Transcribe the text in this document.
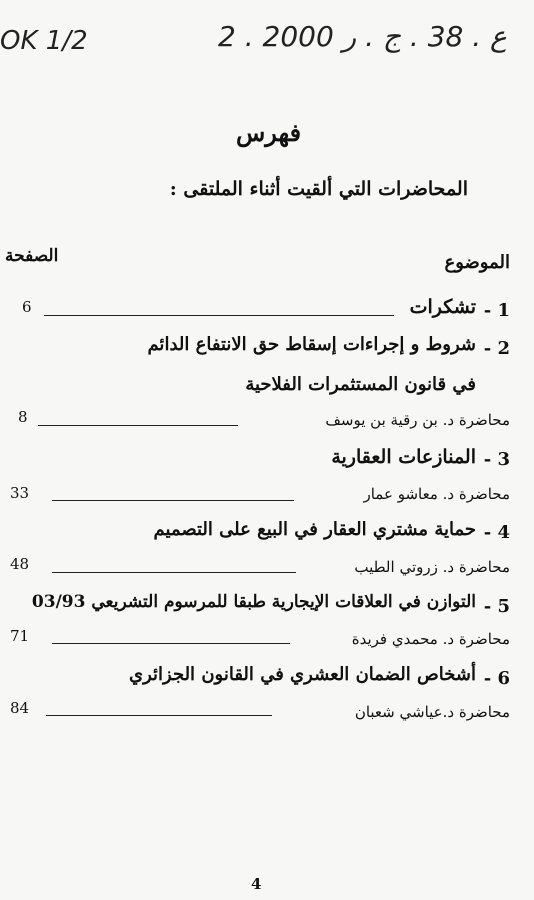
OK 1/2	2 . ع . 38 . ج . ر 2000
فهرس
المحاضرات التي ألقيت أثناء الملتقى :
الموضوع
الصفحة
1 -
تشكرات
6
2 -
شروط و إجراءات إسقاط حق الانتفاع الدائم
في قانون المستثمرات الفلاحية
محاضرة د. بن رقية بن يوسف
8
3 -
المنازعات العقارية
محاضرة د. معاشو عمار
33
4 -
حماية مشتري العقار في البيع على التصميم
محاضرة د. زروتي الطيب
48
5 -
التوازن في العلاقات الإيجارية طبقا للمرسوم التشريعي 03/93
محاضرة د. محمدي فريدة
71
6 -
أشخاص الضمان العشري في القانون الجزائري
محاضرة د.عياشي شعبان
84
4
